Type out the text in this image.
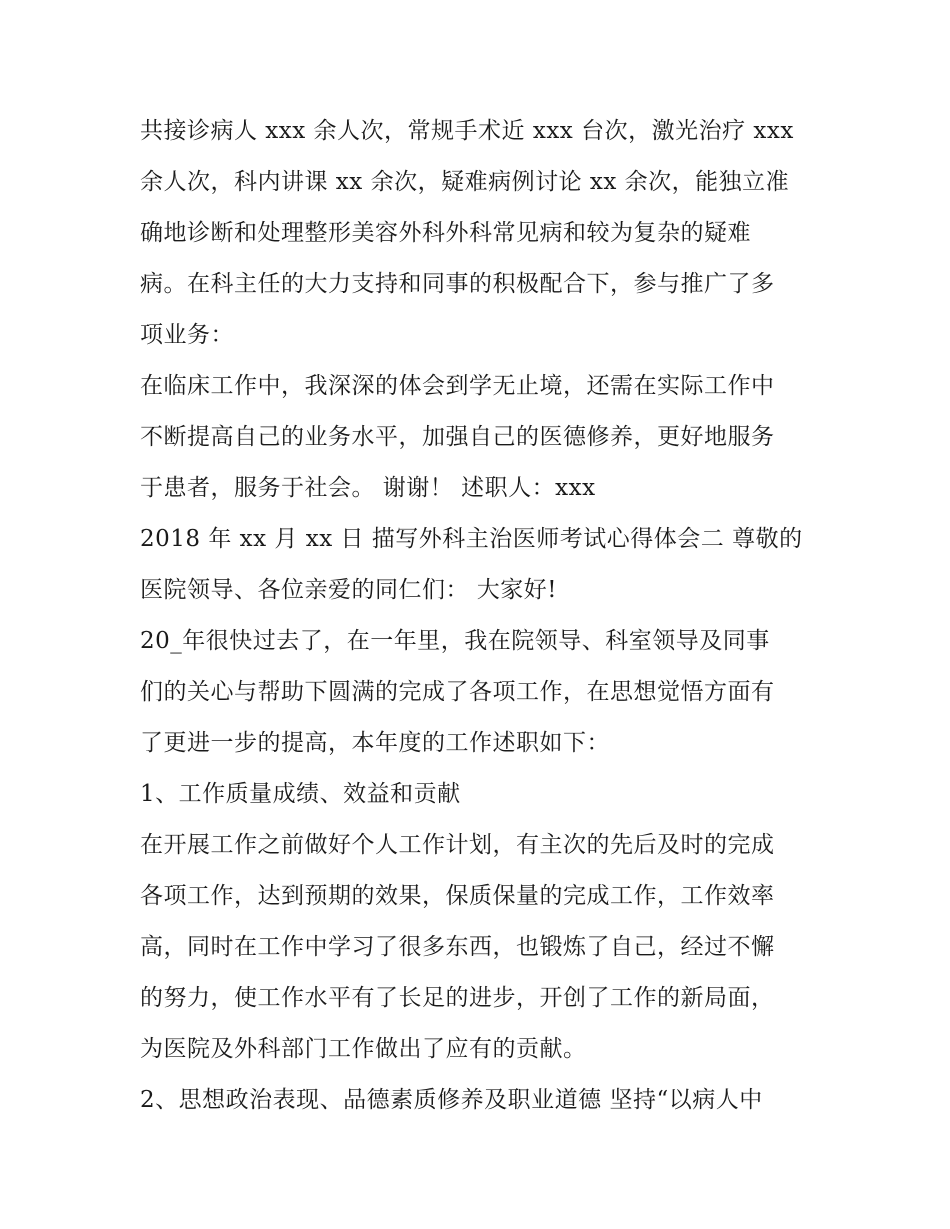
共接诊病人 xxx 余人次，常规手术近 xxx 台次，激光治疗 xxx
余人次，科内讲课 xx 余次，疑难病例讨论 xx 余次，能独立准
确地诊断和处理整形美容外科外科常见病和较为复杂的疑难
病。在科主任的大力支持和同事的积极配合下，参与推广了多
项业务：
在临床工作中，我深深的体会到学无止境，还需在实际工作中
不断提高自己的业务水平，加强自己的医德修养，更好地服务
于患者，服务于社会。 谢谢！ 述职人：xxx
2018 年 xx 月 xx 日 描写外科主治医师考试心得体会二 尊敬的
医院领导、各位亲爱的同仁们： 大家好!
20_年很快过去了，在一年里，我在院领导、科室领导及同事
们的关心与帮助下圆满的完成了各项工作，在思想觉悟方面有
了更进一步的提高，本年度的工作述职如下：
1、工作质量成绩、效益和贡献
在开展工作之前做好个人工作计划，有主次的先后及时的完成
各项工作，达到预期的效果，保质保量的完成工作，工作效率
高，同时在工作中学习了很多东西，也锻炼了自己，经过不懈
的努力，使工作水平有了长足的进步，开创了工作的新局面，
为医院及外科部门工作做出了应有的贡献。
2、思想政治表现、品德素质修养及职业道德 坚持“以病人中
